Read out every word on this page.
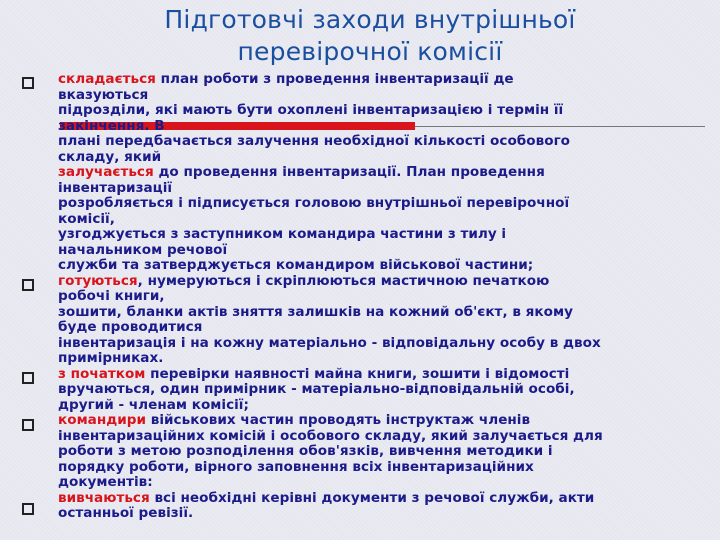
Підготовчі заходи внутрішньої
перевірочної комісії
складається план роботи з проведення інвентаризації де
вказуються
підрозділи, які мають бути охоплені інвентаризацією і термін її
закінчення. В
плані передбачається залучення необхідної кількості особового
складу, який
залучається до проведення інвентаризації. План проведення
інвентаризації
розробляється і підписується головою внутрішньої перевірочної
комісії,
узгоджується з заступником командира частини з тилу і
начальником речової
служби та затверджується командиром військової частини;
готуються, нумеруються і скріплюються мастичною печаткою
робочі книги,
зошити, бланки актів зняття залишків на кожний об'єкт, в якому
буде проводитися
інвентаризація і на кожну матеріально - відповідальну особу в двох
примірниках.
з початком перевірки наявності майна книги, зошити і відомості
вручаються, один примірник - матеріально-відповідальній особі,
другий - членам комісії;
командири військових частин проводять інструктаж членів
інвентаризаційних комісій і особового складу, який залучається для
роботи з метою розподілення обов'язків, вивчення методики і
порядку роботи, вірного заповнення всіх інвентаризаційних
документів:
вивчаються всі необхідні керівні документи з речової служби, акти
останньої ревізії.
